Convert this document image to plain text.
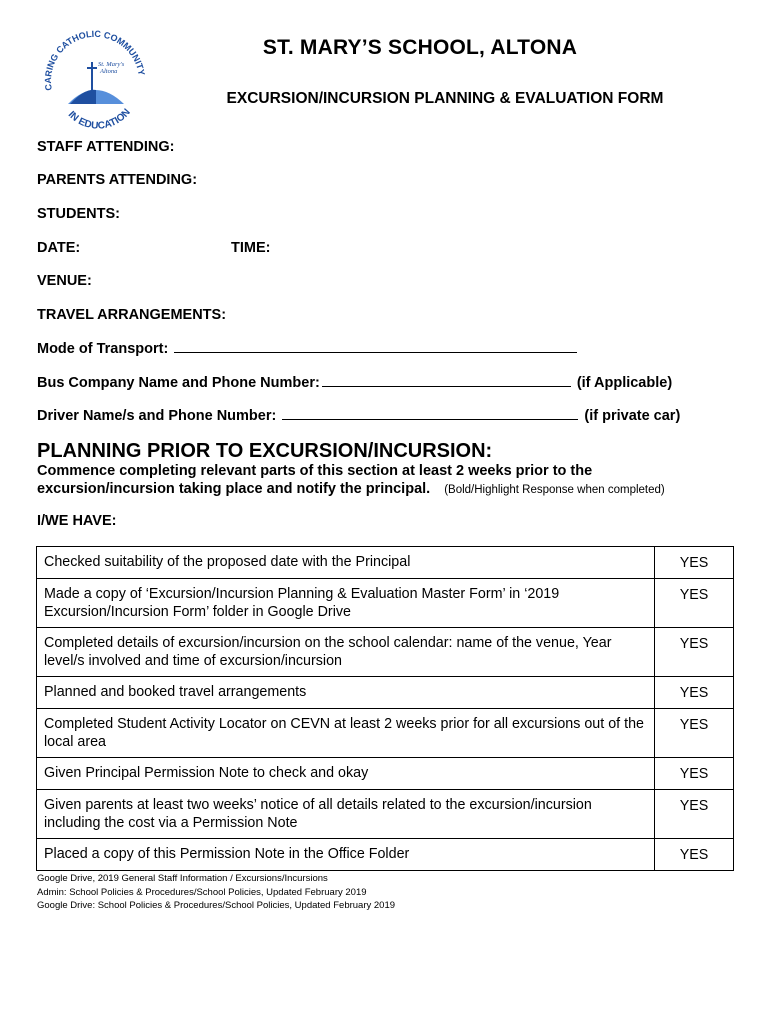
CARING CATHOLIC COMMUNITY
IN EDUCATION
St. Mary's
Altona
ST. MARY’S SCHOOL, ALTONA
EXCURSION/INCURSION PLANNING & EVALUATION FORM
STAFF ATTENDING:
PARENTS ATTENDING:
STUDENTS:
DATE:	TIME:
VENUE:
TRAVEL ARRANGEMENTS:
Mode of Transport:
Bus Company Name and Phone Number:	(if Applicable)
Driver Name/s and Phone Number:	(if private car)
PLANNING PRIOR TO EXCURSION/INCURSION:
Commence completing relevant parts of this section at least 2 weeks prior to the
excursion/incursion taking place and notify the principal. (Bold/Highlight Response when completed)
I/WE HAVE:
Checked suitability of the proposed date with the Principal	YES
Made a copy of ‘Excursion/Incursion Planning & Evaluation Master Form’ in ‘2019 Excursion/Incursion Form’ folder in Google Drive	YES
Completed details of excursion/incursion on the school calendar: name of the venue, Year level/s involved and time of excursion/incursion	YES
Planned and booked travel arrangements	YES
Completed Student Activity Locator on CEVN at least 2 weeks prior for all excursions out of the local area	YES
Given Principal Permission Note to check and okay	YES
Given parents at least two weeks’ notice of all details related to the excursion/incursion including the cost via a Permission Note	YES
Placed a copy of this Permission Note in the Office Folder	YES
Google Drive, 2019 General Staff Information / Excursions/Incursions
Admin: School Policies & Procedures/School Policies, Updated February 2019
Google Drive: School Policies & Procedures/School Policies, Updated February 2019
